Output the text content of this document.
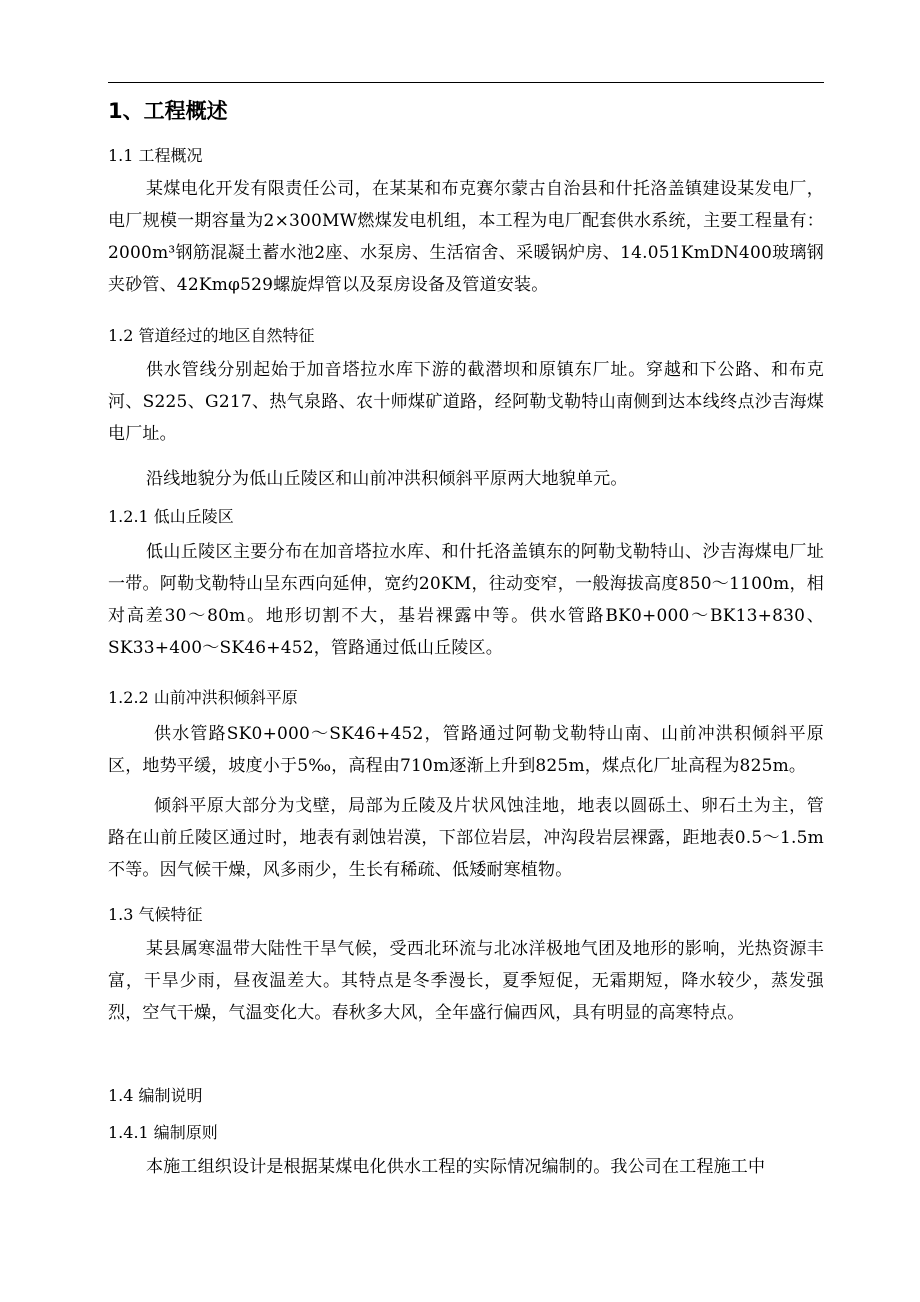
1、工程概述
1.1 工程概况
某煤电化开发有限责任公司，在某某和布克赛尔蒙古自治县和什托洛盖镇建设某发电厂，电厂规模一期容量为2×300MW燃煤发电机组，本工程为电厂配套供水系统，主要工程量有：2000m³钢筋混凝土蓄水池2座、水泵房、生活宿舍、采暖锅炉房、14.051KmDN400玻璃钢夹砂管、42Kmφ529螺旋焊管以及泵房设备及管道安装。
1.2 管道经过的地区自然特征
供水管线分别起始于加音塔拉水库下游的截潜坝和原镇东厂址。穿越和下公路、和布克河、S225、G217、热气泉路、农十师煤矿道路，经阿勒戈勒特山南侧到达本线终点沙吉海煤电厂址。
沿线地貌分为低山丘陵区和山前冲洪积倾斜平原两大地貌单元。
1.2.1 低山丘陵区
低山丘陵区主要分布在加音塔拉水库、和什托洛盖镇东的阿勒戈勒特山、沙吉海煤电厂址一带。阿勒戈勒特山呈东西向延伸，宽约20KM，往动变窄，一般海拔高度850～1100m，相对高差30～80m。地形切割不大，基岩裸露中等。供水管路BK0+000～BK13+830、SK33+400～SK46+452，管路通过低山丘陵区。
1.2.2 山前冲洪积倾斜平原
供水管路SK0+000～SK46+452，管路通过阿勒戈勒特山南、山前冲洪积倾斜平原区，地势平缓，坡度小于5‰，高程由710m逐渐上升到825m，煤点化厂址高程为825m。
倾斜平原大部分为戈壁，局部为丘陵及片状风蚀洼地，地表以圆砾土、卵石土为主，管路在山前丘陵区通过时，地表有剥蚀岩漠，下部位岩层，冲沟段岩层裸露，距地表0.5～1.5m不等。因气候干燥，风多雨少，生长有稀疏、低矮耐寒植物。
1.3 气候特征
某县属寒温带大陆性干旱气候，受西北环流与北冰洋极地气团及地形的影响，光热资源丰富，干旱少雨，昼夜温差大。其特点是冬季漫长，夏季短促，无霜期短，降水较少，蒸发强烈，空气干燥，气温变化大。春秋多大风，全年盛行偏西风，具有明显的高寒特点。
1.4 编制说明
1.4.1 编制原则
本施工组织设计是根据某煤电化供水工程的实际情况编制的。我公司在工程施工中
